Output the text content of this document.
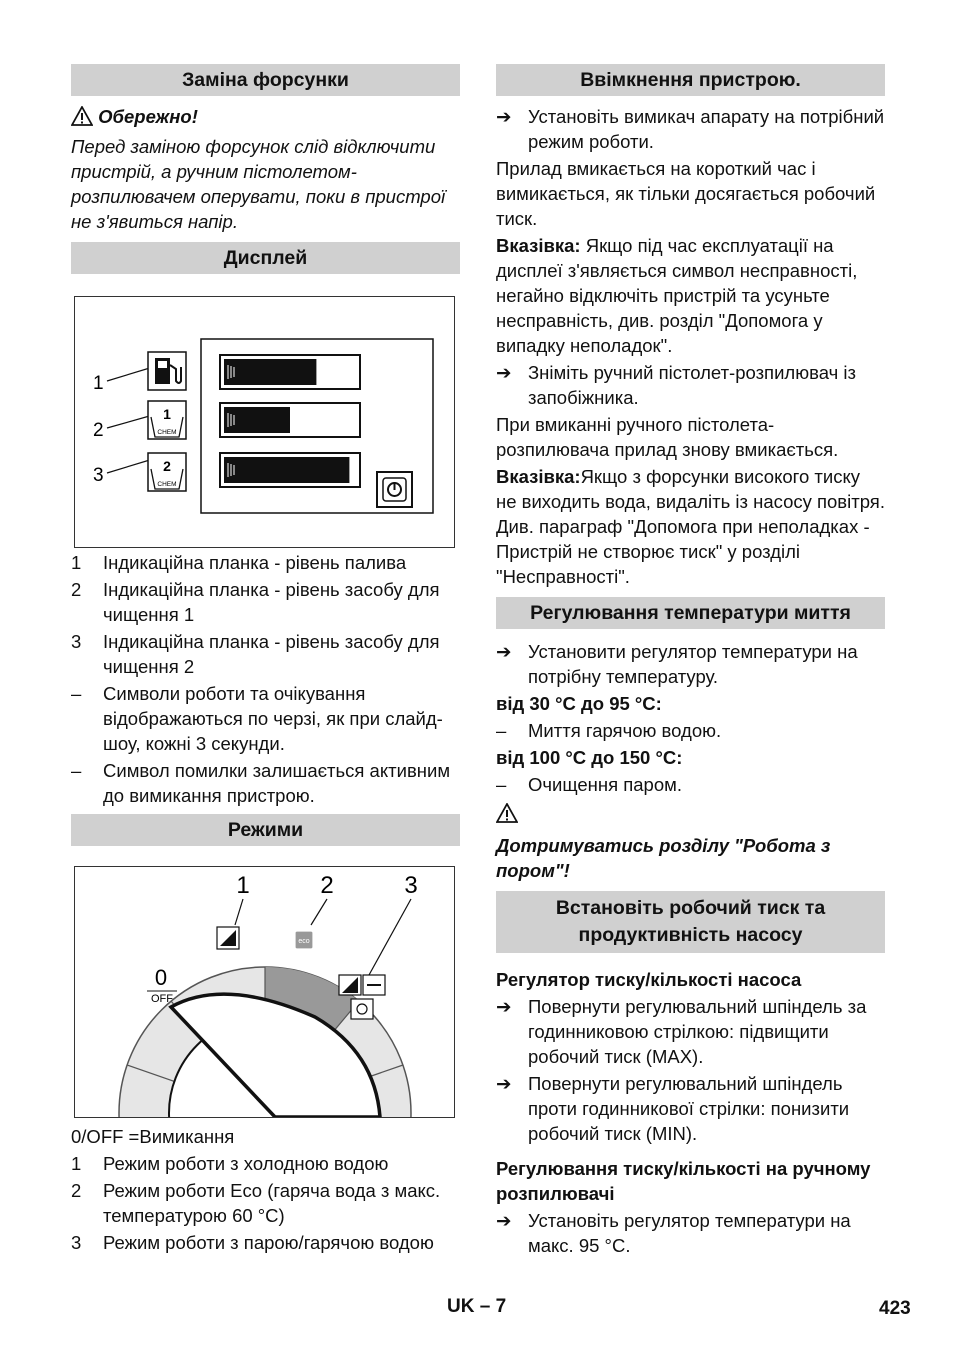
Заміна форсунки

Обережно!

Перед заміною форсунок слід відключити пристрій, а ручним пістолетом-розпилювачем оперувати, поки в пристрої не з'явиться напір.

Дисплей
1
2
3
1
CHEM
2
CHEM
1 Індикаційна планка - рівень палива
2 Індикаційна планка - рівень засобу для чищення 1
3 Індикаційна планка - рівень засобу для чищення 2
– Символи роботи та очікування відображаються по черзі, як при слайд-шоу, кожні 3 секунди.
– Символ помилки залишається активним до вимикання пристрою.
Режими
1	2	3
eco
0
OFF

0/OFF =Вимикання

1 Режим роботи з холодною водою
2 Режим роботи Eco (гаряча вода з макс. температурою 60 °C)
3 Режим роботи з парою/гарячою водою
Ввімкнення пристрою.
➔ Установіть вимикач апарату на потрібний режим роботи.

Прилад вмикається на короткий час і вимикається, як тільки досягається робочий тиск.

Вказівка: Якщо під час експлуатації на дисплеї з'являється символ несправності, негайно відключіть пристрій та усуньте несправність, див. розділ "Допомога у випадку неполадок".

➔ Зніміть ручний пістолет-розпилювач із запобіжника.

При вмиканні ручного пістолета-розпилювача прилад знову вмикається.

Вказівка:Якщо з форсунки високого тиску не виходить вода, видаліть із насосу повітря. Див. параграф "Допомога при неполадках - Пристрій не створює тиск" у розділі "Несправності".

Регулювання температури миття
➔ Установити регулятор температури на потрібну температуру.

від 30 °C до 95 °C:

– Миття гарячою водою.

від 100 °C до 150 °C:

– Очищення паром.

Дотримуватись розділу "Робота з пором"!

Встановіть робочий тиск та продуктивність насосу

Регулятор тиску/кількості насоса

➔ Повернути регулювальний шпіндель за годинниковою стрілкою: підвищити робочий тиск (MAX).
➔ Повернути регулювальний шпіндель проти годинникової стрілки: понизити робочий тиск (MIN).

Регулювання тиску/кількості на ручному розпилювачі

➔ Установіть регулятор температури на макс. 95 °C.
UK – 7	423
